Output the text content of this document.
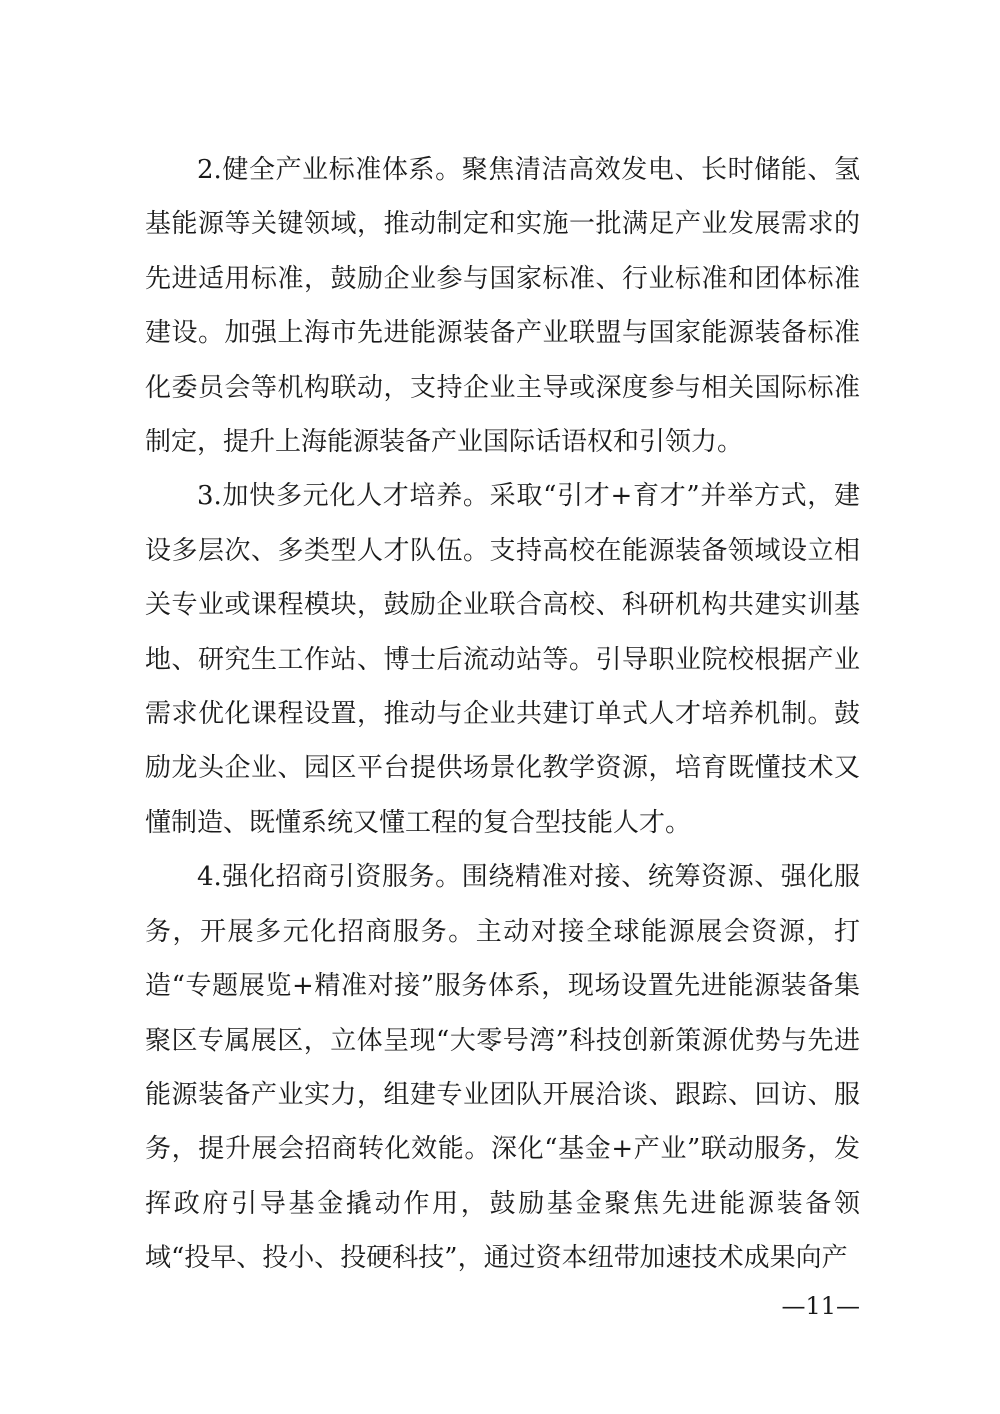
2.健全产业标准体系。聚焦清洁高效发电、长时储能、氢基能源等关键领域，推动制定和实施一批满足产业发展需求的先进适用标准，鼓励企业参与国家标准、行业标准和团体标准建设。加强上海市先进能源装备产业联盟与国家能源装备标准化委员会等机构联动，支持企业主导或深度参与相关国际标准制定，提升上海能源装备产业国际话语权和引领力。

3.加快多元化人才培养。采取“引才+育才”并举方式，建设多层次、多类型人才队伍。支持高校在能源装备领域设立相关专业或课程模块，鼓励企业联合高校、科研机构共建实训基地、研究生工作站、博士后流动站等。引导职业院校根据产业需求优化课程设置，推动与企业共建订单式人才培养机制。鼓励龙头企业、园区平台提供场景化教学资源，培育既懂技术又懂制造、既懂系统又懂工程的复合型技能人才。

4.强化招商引资服务。围绕精准对接、统筹资源、强化服务，开展多元化招商服务。主动对接全球能源展会资源，打造“专题展览+精准对接”服务体系，现场设置先进能源装备集聚区专属展区，立体呈现“大零号湾”科技创新策源优势与先进能源装备产业实力，组建专业团队开展洽谈、跟踪、回访、服务，提升展会招商转化效能。深化“基金+产业”联动服务，发挥政府引导基金撬动作用，鼓励基金聚焦先进能源装备领域“投早、投小、投硬科技”，通过资本纽带加速技术成果向产

—11—
